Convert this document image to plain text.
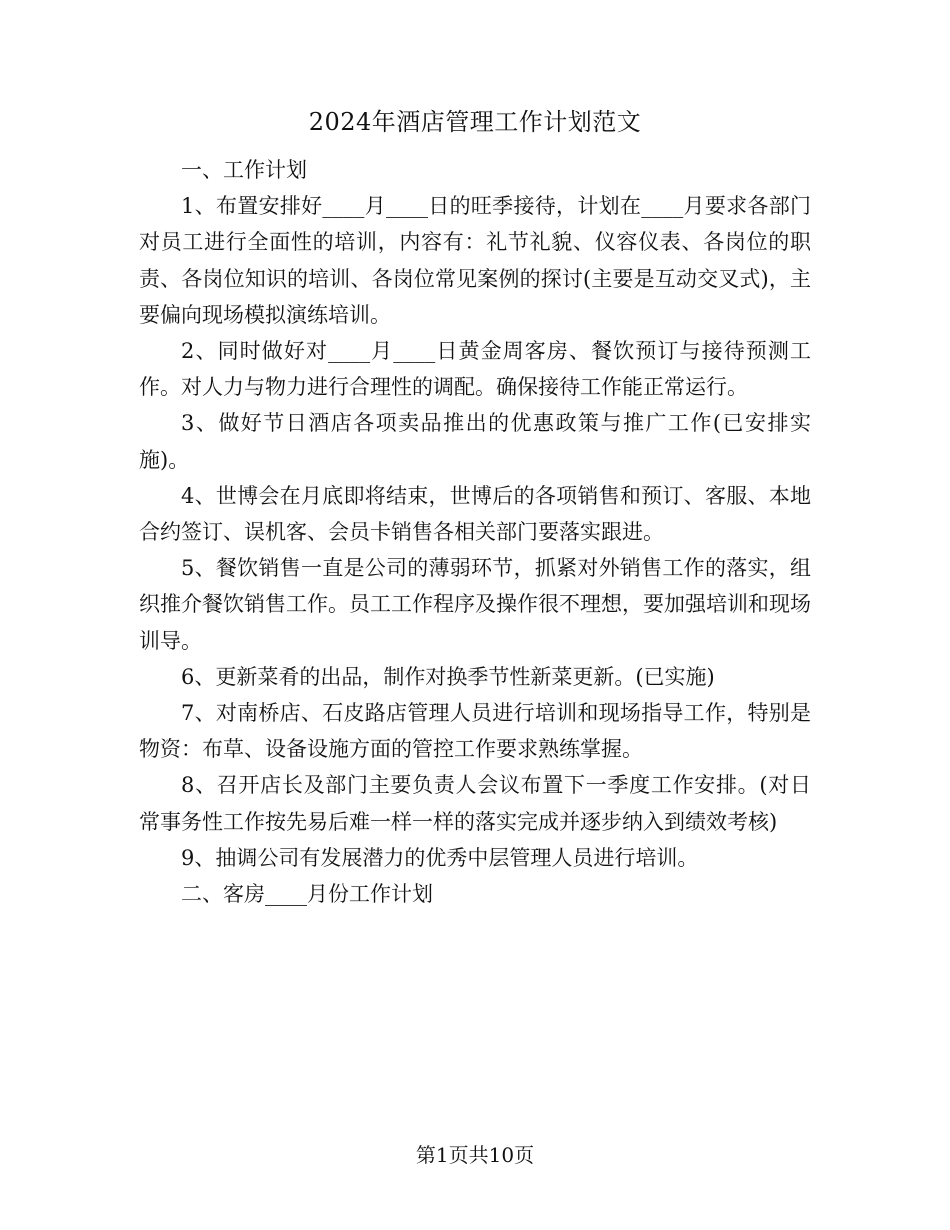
2024年酒店管理工作计划范文

一、工作计划

1、布置安排好____月____日的旺季接待，计划在____月要求各部门对员工进行全面性的培训，内容有：礼节礼貌、仪容仪表、各岗位的职责、各岗位知识的培训、各岗位常见案例的探讨(主要是互动交叉式)，主要偏向现场模拟演练培训。

2、同时做好对____月____日黄金周客房、餐饮预订与接待预测工作。对人力与物力进行合理性的调配。确保接待工作能正常运行。

3、做好节日酒店各项卖品推出的优惠政策与推广工作(已安排实施)。

4、世博会在月底即将结束，世博后的各项销售和预订、客服、本地合约签订、误机客、会员卡销售各相关部门要落实跟进。

5、餐饮销售一直是公司的薄弱环节，抓紧对外销售工作的落实，组织推介餐饮销售工作。员工工作程序及操作很不理想，要加强培训和现场训导。

6、更新菜肴的出品，制作对换季节性新菜更新。(已实施)

7、对南桥店、石皮路店管理人员进行培训和现场指导工作，特别是物资：布草、设备设施方面的管控工作要求熟练掌握。

8、召开店长及部门主要负责人会议布置下一季度工作安排。(对日常事务性工作按先易后难一样一样的落实完成并逐步纳入到绩效考核)

9、抽调公司有发展潜力的优秀中层管理人员进行培训。

二、客房____月份工作计划

第1页共10页
